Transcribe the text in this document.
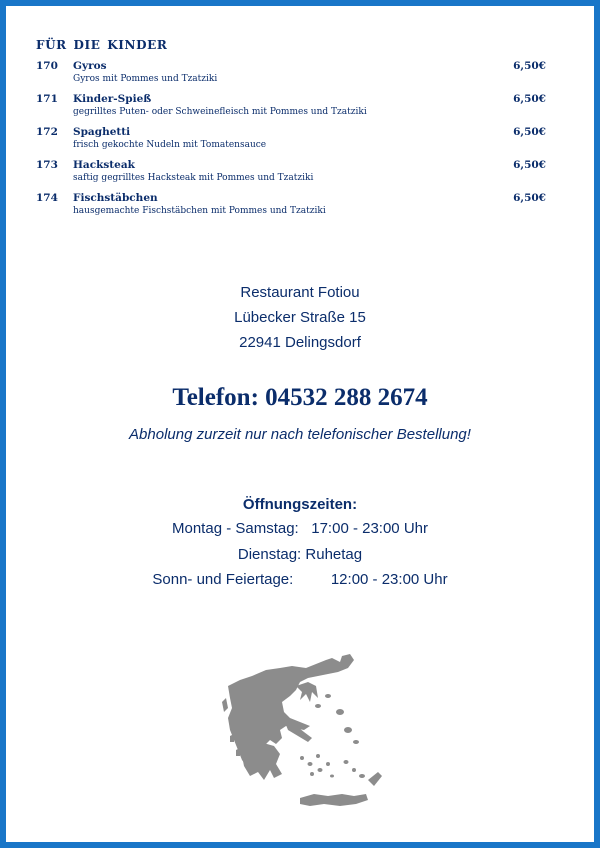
FÜR DIE KINDER
170 Gyros
Gyros mit Pommes und Tzatziki
6,50€
171 Kinder-Spieß
gegrilltes Puten- oder Schweinefleisch mit Pommes und Tzatziki
6,50€
172 Spaghetti
frisch gekochte Nudeln mit Tomatensauce
6,50€
173 Hacksteak
saftig gegrilltes Hacksteak mit Pommes und Tzatziki
6,50€
174 Fischstäbchen
hausgemachte Fischstäbchen mit Pommes und Tzatziki
6,50€
Restaurant Fotiou
Lübecker Straße 15
22941 Delingsdorf
Telefon: 04532 288 2674
Abholung zurzeit nur nach telefonischer Bestellung!
Öffnungszeiten:
Montag - Samstag: 17:00 - 23:00 Uhr
Dienstag: Ruhetag
Sonn- und Feiertage:	12:00 - 23:00 Uhr
